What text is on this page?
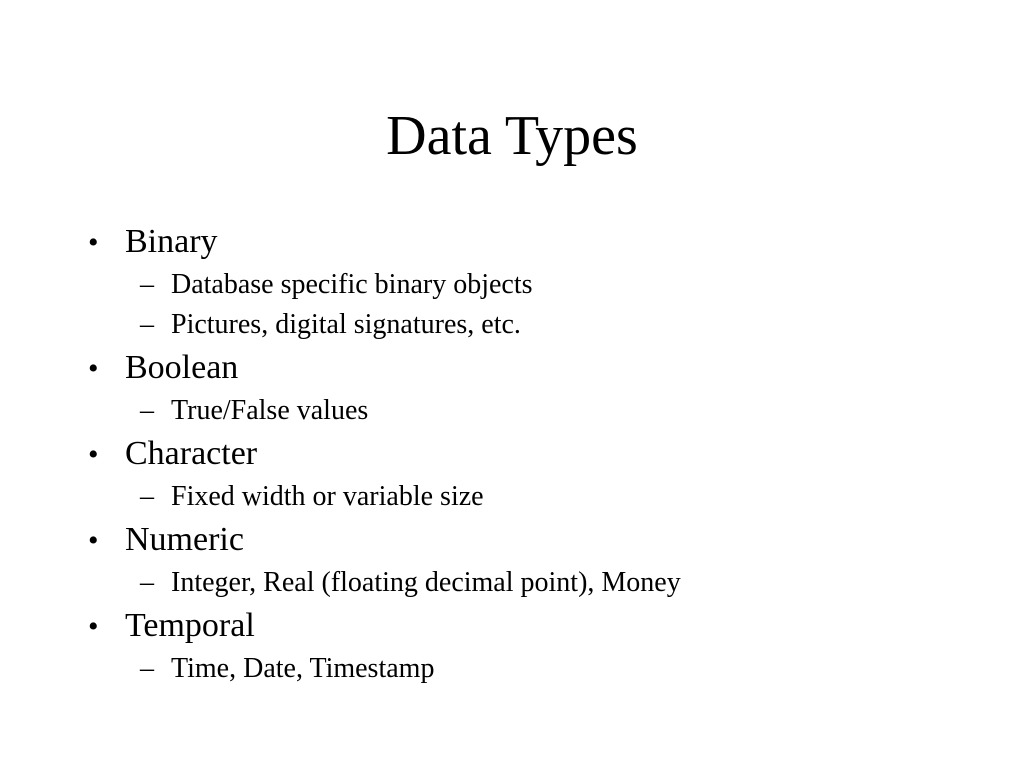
Data Types
• Binary
– Database specific binary objects
– Pictures, digital signatures, etc.
• Boolean
– True/False values
• Character
– Fixed width or variable size
• Numeric
– Integer, Real (floating decimal point), Money
• Temporal
– Time, Date, Timestamp
